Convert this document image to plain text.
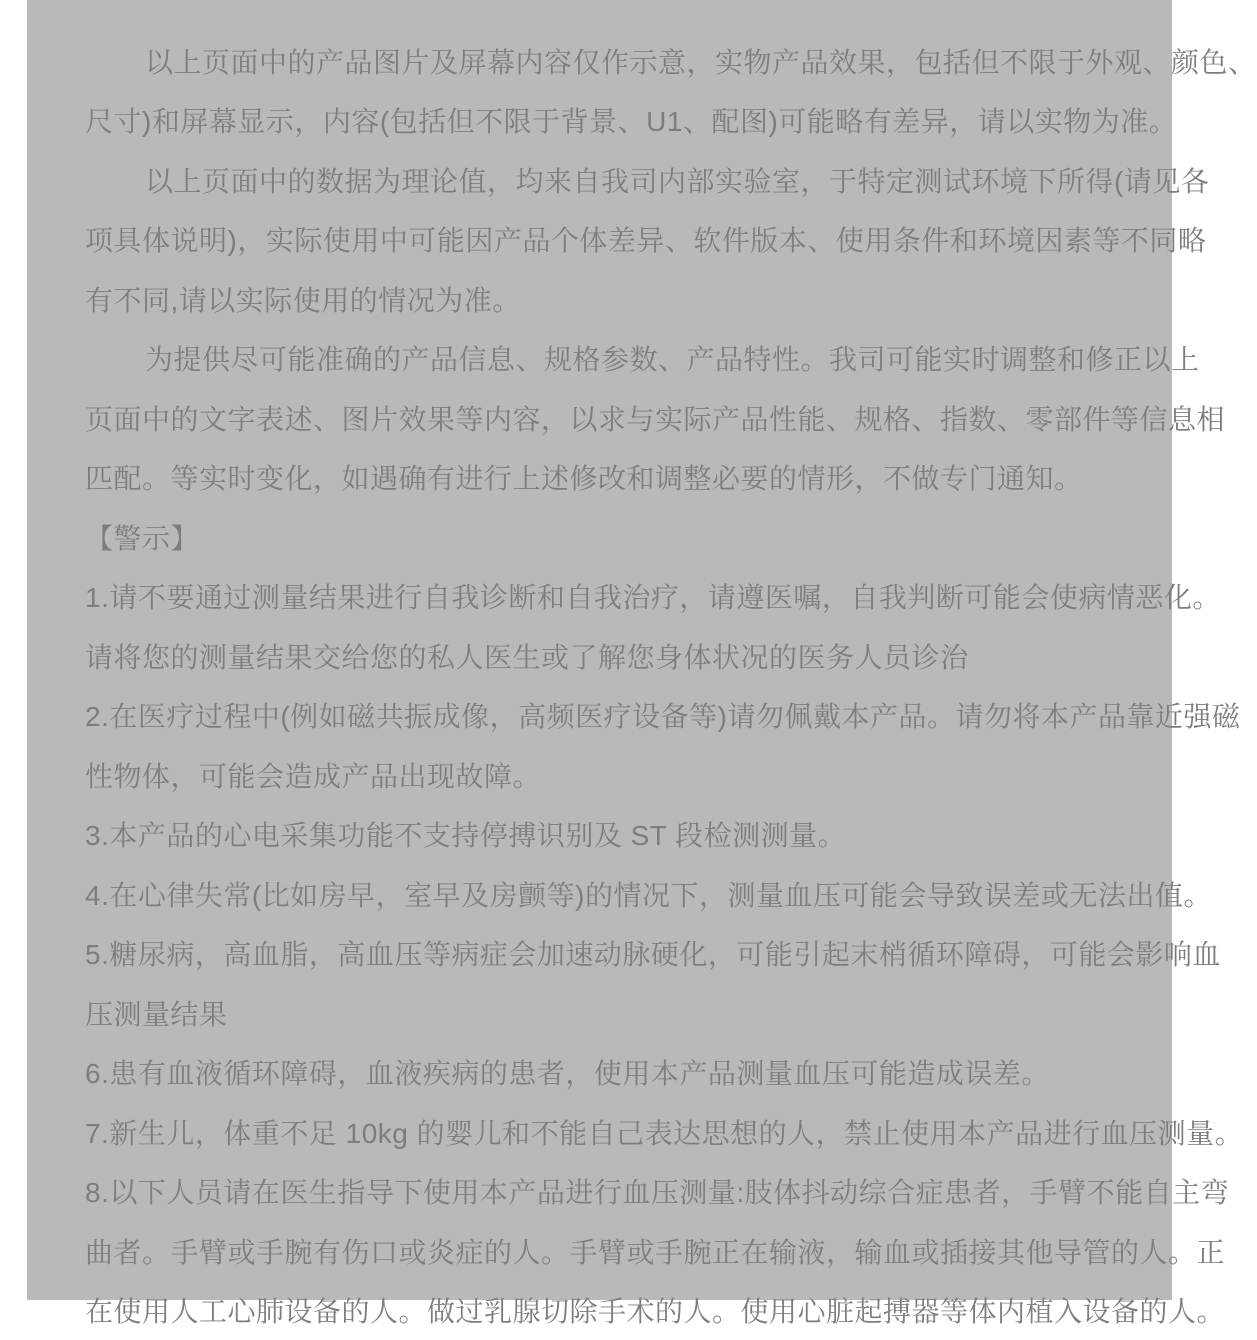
以上页面中的产品图片及屏幕内容仅作示意，实物产品效果，包括但不限于外观、颜色、
尺寸)和屏幕显示，内容(包括但不限于背景、U1、配图)可能略有差异，请以实物为准。
以上页面中的数据为理论值，均来自我司内部实验室，于特定测试环境下所得(请见各
项具体说明)，实际使用中可能因产品个体差异、软件版本、使用条件和环境因素等不同略
有不同,请以实际使用的情况为准。
为提供尽可能准确的产品信息、规格参数、产品特性。我司可能实时调整和修正以上
页面中的文字表述、图片效果等内容，以求与实际产品性能、规格、指数、零部件等信息相
匹配。等实时变化，如遇确有进行上述修改和调整必要的情形，不做专门通知。
【警示】
1.请不要通过测量结果进行自我诊断和自我治疗，请遵医嘱，自我判断可能会使病情恶化。
请将您的测量结果交给您的私人医生或了解您身体状况的医务人员诊治
2.在医疗过程中(例如磁共振成像，高频医疗设备等)请勿佩戴本产品。请勿将本产品靠近强磁
性物体，可能会造成产品出现故障。
3.本产品的心电采集功能不支持停搏识别及 ST 段检测测量。
4.在心律失常(比如房早，室早及房颤等)的情况下，测量血压可能会导致误差或无法出值。
5.糖尿病，高血脂，高血压等病症会加速动脉硬化，可能引起末梢循环障碍，可能会影响血
压测量结果
6.患有血液循环障碍，血液疾病的患者，使用本产品测量血压可能造成误差。
7.新生儿，体重不足 10kg 的婴儿和不能自己表达思想的人，禁止使用本产品进行血压测量。
8.以下人员请在医生指导下使用本产品进行血压测量:肢体抖动综合症患者，手臂不能自主弯
曲者。手臂或手腕有伤口或炎症的人。手臂或手腕正在输液，输血或插接其他导管的人。正
在使用人工心肺设备的人。做过乳腺切除手术的人。使用心脏起搏器等体内植入设备的人。
